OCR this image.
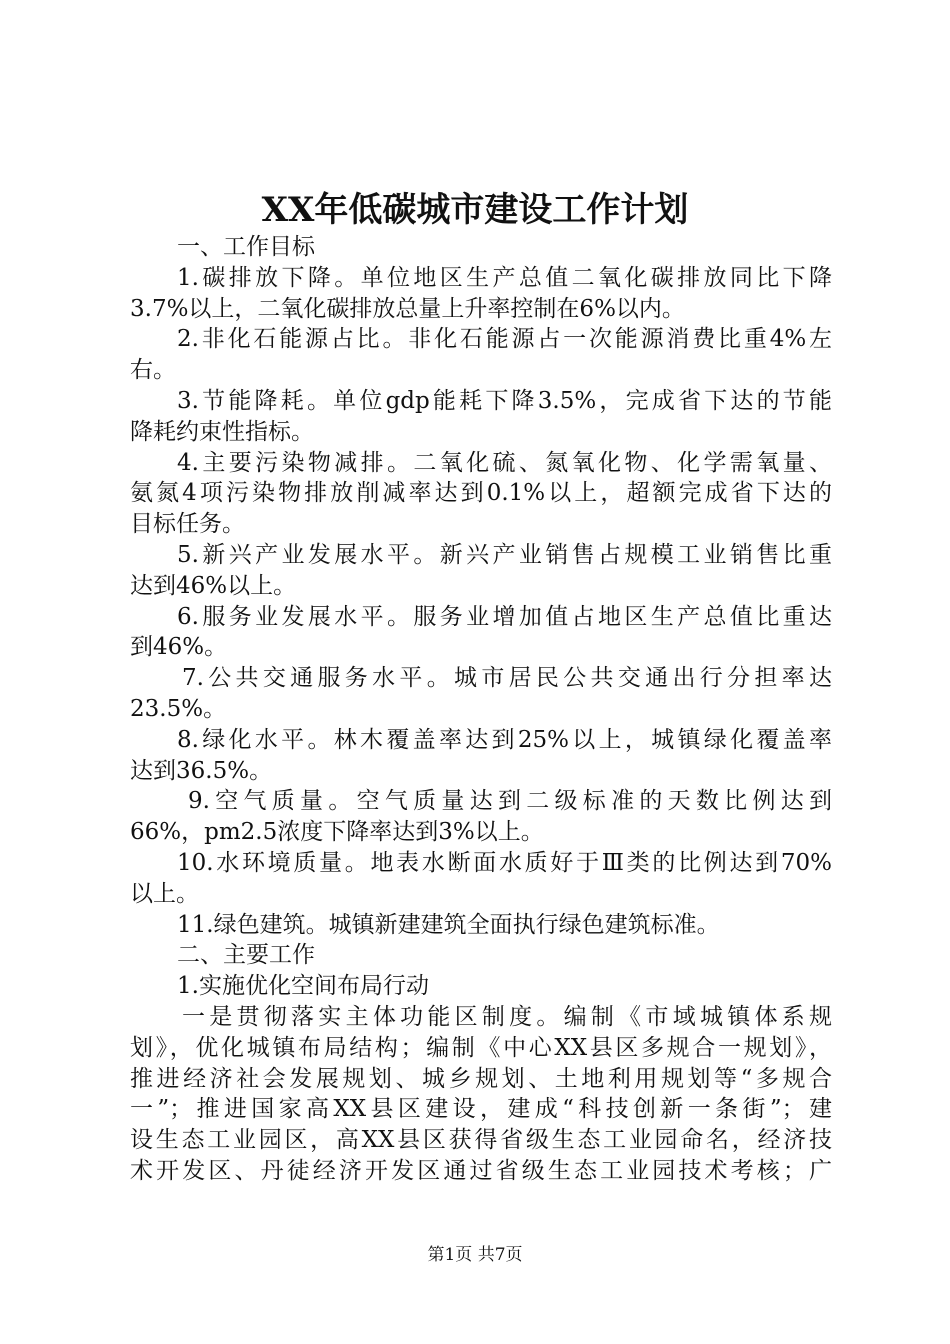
XX年低碳城市建设工作计划
一、工作目标
1.碳排放下降。单位地区生产总值二氧化碳排放同比下降
3.7%以上，二氧化碳排放总量上升率控制在6%以内。
2.非化石能源占比。非化石能源占一次能源消费比重4%左
右。
3.节能降耗。单位gdp能耗下降3.5%，完成省下达的节能
降耗约束性指标。
4.主要污染物减排。二氧化硫、氮氧化物、化学需氧量、
氨氮4项污染物排放削减率达到0.1%以上，超额完成省下达的
目标任务。
5.新兴产业发展水平。新兴产业销售占规模工业销售比重
达到46%以上。
6.服务业发展水平。服务业增加值占地区生产总值比重达
到46%。
7.公共交通服务水平。城市居民公共交通出行分担率达
23.5%。
8.绿化水平。林木覆盖率达到25%以上，城镇绿化覆盖率
达到36.5%。
9.空气质量。空气质量达到二级标准的天数比例达到
66%，pm2.5浓度下降率达到3%以上。
10.水环境质量。地表水断面水质好于Ⅲ类的比例达到70%
以上。
11.绿色建筑。城镇新建建筑全面执行绿色建筑标准。
二、主要工作
1.实施优化空间布局行动
一是贯彻落实主体功能区制度。编制《市域城镇体系规
划》，优化城镇布局结构；编制《中心XX县区多规合一规划》，
推进经济社会发展规划、城乡规划、土地利用规划等“多规合
一”；推进国家高XX县区建设，建成“科技创新一条街”；建
设生态工业园区，高XX县区获得省级生态工业园命名，经济技
术开发区、丹徒经济开发区通过省级生态工业园技术考核；广
第1页 共7页
